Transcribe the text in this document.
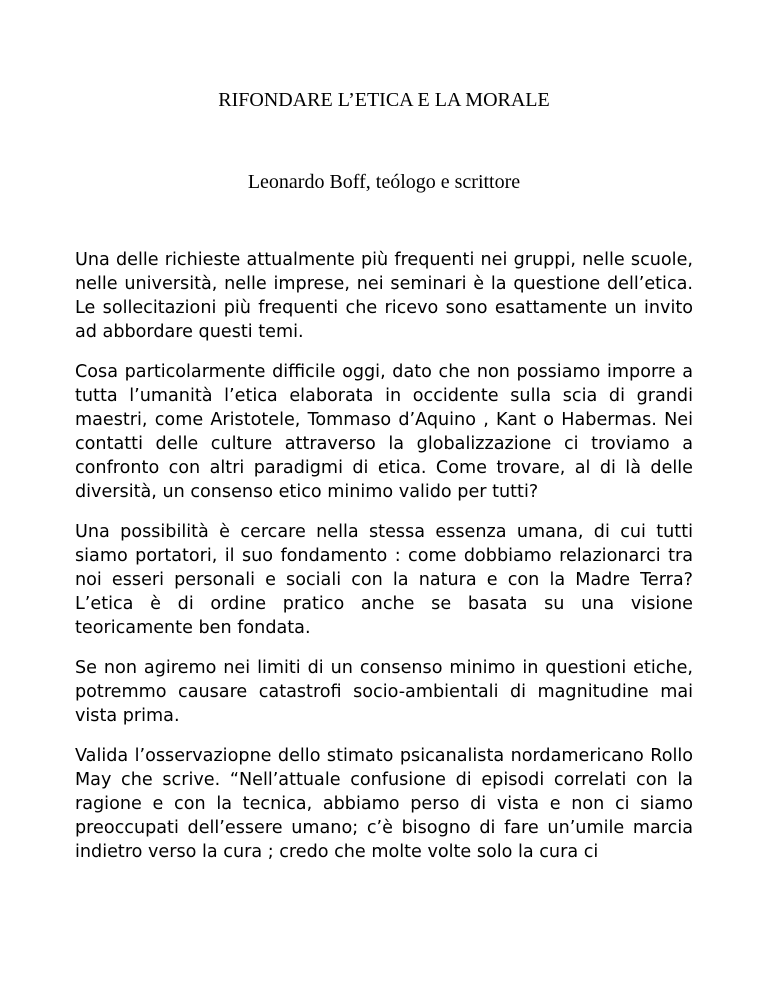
RIFONDARE L’ETICA E LA MORALE
Leonardo Boff, teólogo e scrittore

Una delle richieste attualmente più frequenti nei gruppi, nelle scuole, nelle università, nelle imprese, nei seminari è la questione dell’etica. Le sollecitazioni più frequenti che ricevo sono esattamente un invito ad abbordare questi temi.

Cosa particolarmente difficile oggi, dato che non possiamo imporre a tutta l’umanità l’etica elaborata in occidente sulla scia di grandi maestri, come Aristotele, Tommaso d’Aquino , Kant o Habermas. Nei contatti delle culture attraverso la globalizzazione ci troviamo a confronto con altri paradigmi di etica. Come trovare, al di là delle diversità, un consenso etico minimo valido per tutti?

Una possibilità è cercare nella stessa essenza umana, di cui tutti siamo portatori, il suo fondamento : come dobbiamo relazionarci tra noi esseri personali e sociali con la natura e con la Madre Terra? L’etica è di ordine pratico anche se basata su una visione teoricamente ben fondata.

Se non agiremo nei limiti di un consenso minimo in questioni etiche, potremmo causare catastrofi socio-ambientali di magnitudine mai vista prima.

Valida l’osservaziopne dello stimato psicanalista nordamericano Rollo May che scrive. “Nell’attuale confusione di episodi correlati con la ragione e con la tecnica, abbiamo perso di vista e non ci siamo preoccupati dell’essere umano; c’è bisogno di fare un’umile marcia indietro verso la cura ; credo che molte volte solo la cura ci
